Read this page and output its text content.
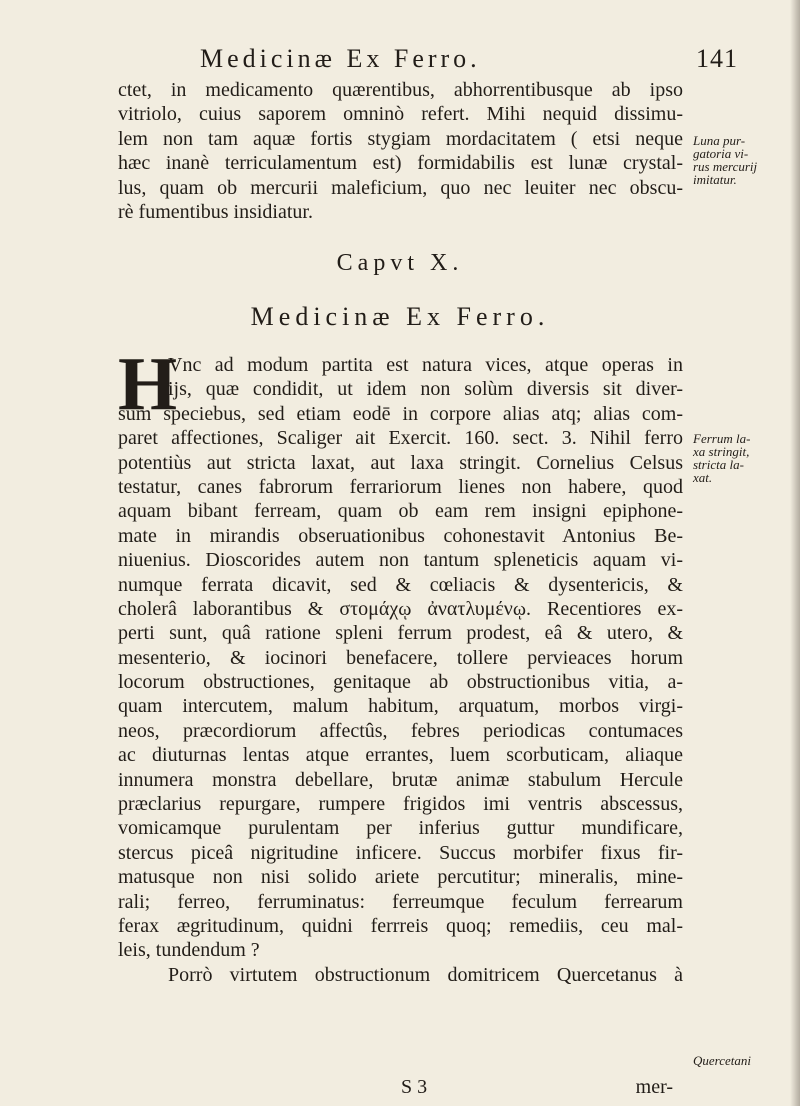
Medicinæ Ex Ferro.	141
ctet, in medicamento quærentibus, abhorrentibusque ab ipso
vitriolo, cuius saporem omninò refert. Mihi nequid dissimu-
lem non tam aquæ fortis stygiam mordacitatem ( etsi neque
hæc inanè terriculamentum est) formidabilis est lunæ crystal-
lus, quam ob mercurii maleficium, quo nec leuiter nec obscu-
rè fumentibus insidiatur.
Capvt X.
Medicinæ Ex Ferro.
H
Vnc ad modum partita est natura vices, atque operas in
ijs, quæ condidit, ut idem non solùm diversis sit diver-
sum speciebus, sed etiam eodē in corpore alias atq; alias com-
paret affectiones, Scaliger ait Exercit. 160. sect. 3. Nihil ferro
potentiùs aut stricta laxat, aut laxa stringit. Cornelius Celsus
testatur, canes fabrorum ferrariorum lienes non habere, quod
aquam bibant ferream, quam ob eam rem insigni epiphone-
mate in mirandis obseruationibus cohonestavit Antonius Be-
niuenius. Dioscorides autem non tantum spleneticis aquam vi-
numque ferrata dicavit, sed & cœliacis & dysentericis, &
cholerâ laborantibus & στομάχῳ ἀνατλυμένῳ. Recentiores ex-
perti sunt, quâ ratione spleni ferrum prodest, eâ & utero, &
mesenterio, & iocinori benefacere, tollere pervieaces horum
locorum obstructiones, genitaque ab obstructionibus vitia, a-
quam intercutem, malum habitum, arquatum, morbos virgi-
neos, præcordiorum affectûs, febres periodicas contumaces
ac diuturnas lentas atque errantes, luem scorbuticam, aliaque
innumera monstra debellare, brutæ animæ stabulum Hercule
præclarius repurgare, rumpere frigidos imi ventris abscessus,
vomicamque purulentam per inferius guttur mundificare,
stercus piceâ nigritudine inficere. Succus morbifer fixus fir-
matusque non nisi solido ariete percutitur; mineralis, mine-
rali; ferreo, ferruminatus: ferreumque feculum ferrearum
ferax ægritudinum, quidni ferrreis quoq; remediis, ceu mal-
leis, tundendum ?
Porrò virtutem obstructionum domitricem Quercetanus à
Luna pur-
gatoria vi-
rus mercurij
imitatur.
Ferrum la-
xa stringit,
stricta la-
xat.
Quercetani
S 3	mer-
